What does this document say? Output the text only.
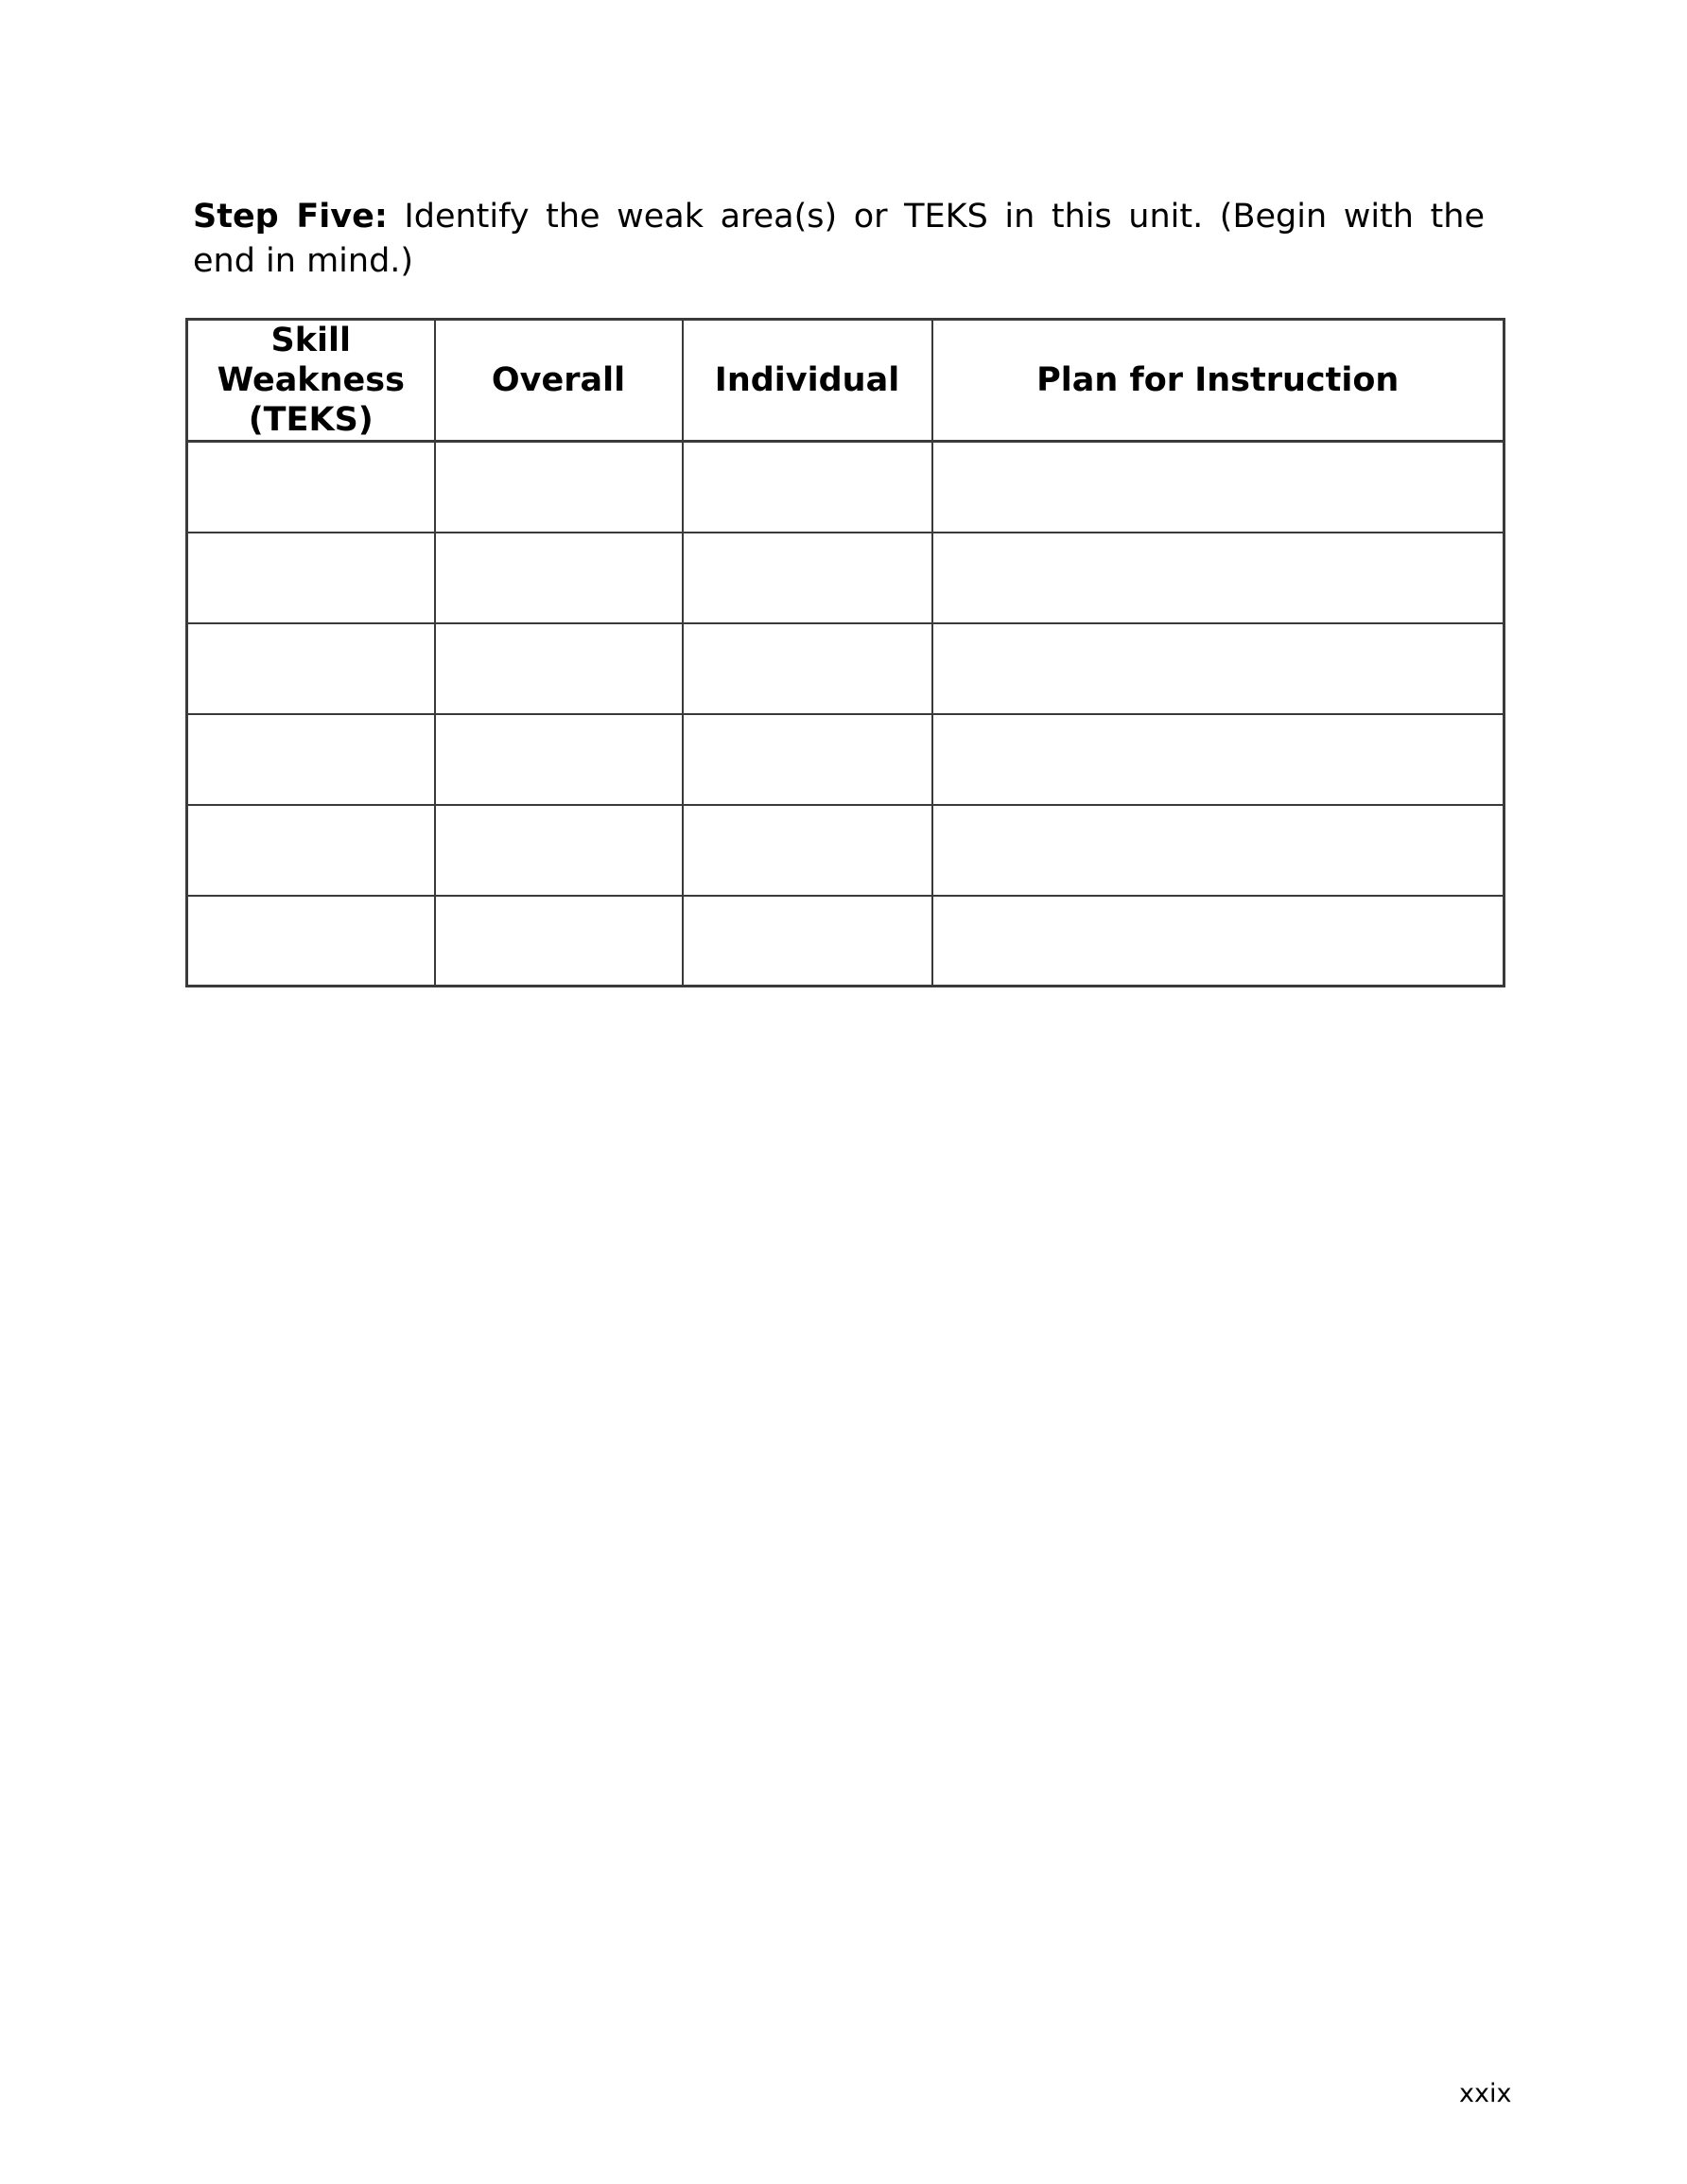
Step Five: Identify the weak area(s) or TEKS in this unit. (Begin with the
end in mind.)
Skill Weakness (TEKS)	Overall	Individual	Plan for Instruction

xxix
